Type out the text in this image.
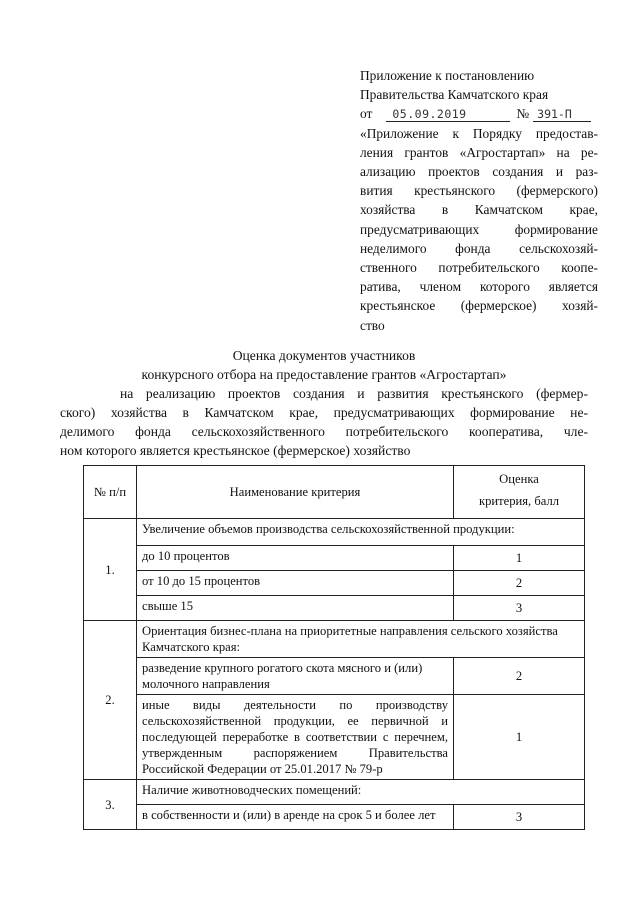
Приложение к постановлению
Правительства Камчатского края
от	05.09.2019	№ 391-П
«Приложение к Порядку предостав-
ления грантов «Агростартап» на ре-
ализацию проектов создания и раз-
вития крестьянского (фермерского)
хозяйства в Камчатском крае,
предусматривающих формирование
неделимого фонда сельскохозяй-
ственного потребительского коопе-
ратива, членом которого является
крестьянское (фермерское) хозяй-
ство
Оценка документов участников
конкурсного отбора на предоставление грантов «Агростартап»
на реализацию проектов создания и развития крестьянского (фермер-
ского) хозяйства в Камчатском крае, предусматривающих формирование не-
делимого фонда сельскохозяйственного потребительского кооператива, чле-
ном которого является крестьянское (фермерское) хозяйство
№ п/п	Наименование критерия	Оценка
критерия, балл

1.	Увеличение объемов производства сельскохозяйственной продукции:	
	до 10 процентов	1
	от 10 до 15 процентов	2
	свыше 15	3
2.	Ориентация бизнес-плана на приоритетные направления сельского хозяйства Камчатского края:	
	разведение крупного рогатого скота мясного и (или) молочного направления	2
	иные виды деятельности по производству сельскохозяйственной продукции, ее первичной и последующей переработке в соответствии с перечнем, утвержденным распоряжением Правительства Российской Федерации от 25.01.2017 № 79-р	1
3.	Наличие животноводческих помещений:	
	в собственности и (или) в аренде на срок 5 и более лет	3
